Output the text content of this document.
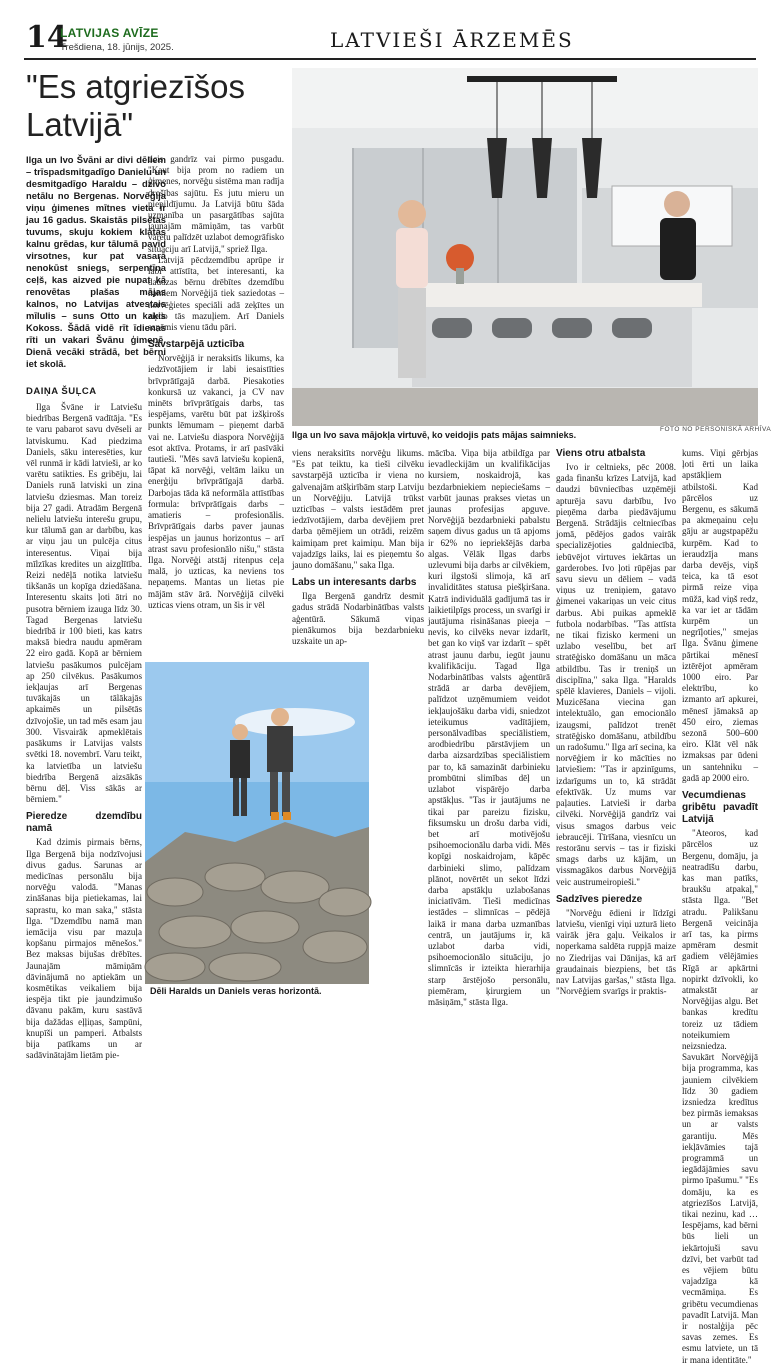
14
LATVIJAS AVĪZE
Trešdiena, 18. jūnijs, 2025.	LATVIEŠI ĀRZEMĒS
"Es atgriezīšos Latvijā"
Ilga un Ivo Švāni ar divi dēliem – trīspadsmitgadīgo Danielu un desmitgadīgo Haraldu – dzīvo netālu no Bergenas. Norvēģija viņu ģimenes mītnes vieta ir jau 16 gadus. Skaistās pilsētas tuvums, skuju kokiem klātās kalnu grēdas, kur tālumā pavīd virsotnes, kur pat vasarā nenokūst sniegs, serpentīna ceļš, kas aizved pie nupat kā renovētas plašas mājas kalnos, no Latvijas atvestais mīlulis – suns Otto un kaķis Kokoss. Šādā vidē rīt īdienas rīti un vakari Švānu ģimenē. Dienā vecāki strādā, bet bērni iet skolā.
DAIŅA ŠUĻCA

Ilga Švāne ir Latviešu biedrības Bergenā vadītāja. "Es te varu pabarot savu dvēseli ar latviskumu. Kad piedzima Daniels, sāku interesēties, kur vēl runmā ir kādi latvieši, ar ko varētu satikties. Es gribēju, lai Daniels runā latviski un zina latviešu dziesmas. Man toreiz bija 27 gadi. Atradām Bergenā nelielu latviešu interešu grupu, kur tālumā gan ar darbību, kas ar viņu jau un pulcēja citus interesentus. Viņai bija mīlzīkas kredites un aizglītība. Reizi nedēļā notika latviešu tikšanās un kopīga dziedāšana. Interesentu skaits ļoti ātri no pusotra bērniem izauga līdz 30. Tagad Bergenas latviešu biedrībā ir 100 bieti, kas katrs maksā biedra naudu apmēram 22 eiro gadā. Kopā ar bērniem latviešu pasākumos pulcējam ap 250 cilvēkus. Pasākumos iekļaujas arī Bergenas tuvākajās un tālākajās apkaimēs un pilsētās dzīvojošie, un tad mēs esam jau 300. Visvairāk apmeklētais pasākums ir Latvijas valsts svētki 18. novembrī. Varu teikt, ka latvietība un latviešu biedrība Bergenā aizsākās bērnu dēļ. Viss sākās ar bērniem."

Pieredze dzemdību namā

Kad dzimis pirmais bērns, Ilga Bergenā bija nodzīvojusi divus gadus. Sarunas ar medicīnas personālu bija norvēģu valodā. "Manas zināšanas bija pietiekamas, lai saprastu, ko man saka," stāsta Ilga. "Dzemdību namā man iemācija visu par mazuļa kopšanu pirmajos mēnešos." Bez maksas bijušas drēbītes. Jaunajām māmiņām dāvinājumā no aptiekām un kosmētikas veikaliem bija iespēja tikt pie jaundzimušo dāvanu pakām, kuru sastāvā bija dažādas eļļiņas, šampūni, knupīši un pamperi. Atbalsts bija patīkams un ar sadāvinātajām lietām pie-

ticis gandrīz vai pirmo pusgadu. "Kaut bija prom no radiem un ģimenes, norvēģu sistēma man radīja drošības sajūtu. Es jutu mieru un piepildījumu. Ja Latvijā būtu šāda uzmanība un pasargātības sajūta jaunajām māmiņām, tas varbūt varētu palīdzēt uzlabot demogrāfisko situāciju arī Latvijā," spriež Ilga.

Latvijā pēcdzemdību aprūpe ir labi attīstīta, bet interesanti, ka daudzas bērnu drēbītes dzemdību namiem Norvēģijā tiek saziedotas – norvēģietes speciāli adā zeķītes un ziedo tās mazuļiem. Arī Daniels saņēmis vienu tādu pāri.

Savstarpējā uzticība

Norvēģijā ir neraksitīs likums, ka iedzīvotājiem ir labi iesaistīties brīvprātīgajā darbā. Piesakoties konkursā uz vakanci, ja CV nav minēts brīvprātīgais darbs, tas iespējams, varētu būt pat izšķirošs punkts lēmumam – pieņemt darbā vai ne. Latviešu diaspora Norvēģijā esot aktīva. Protams, ir arī pasīvāki tautieši. "Mēs savā latviešu kopienā, tāpat kā norvēģi, veltām laiku un enerģiju brīvprātīgajā darbā. Darbojas tāda kā neformāla attīstības formula: brīvprātīgais darbs – amatieris – profesionālis. Brīvprātīgais darbs paver jaunas iespējas un jaunus horizontus – arī atrast savu profesionālo nišu," stāsta Ilga. Norvēģi atstāj ritenpus ceļa malā, jo uzticas, ka neviens tos nepaņems. Mantas un lietas pie mājām stāv ārā. Norvēģijā cilvēki uzticas viens otram, un šis ir vēl

Ilga un Ivo sava mājokļa virtuvē, ko veidojis pats mājas saimnieks.
FOTO NO PERSONISKĀ ARHĪVA

viens neraksitīts norvēģu likums. "Es pat teiktu, ka tieši cilvēku savstarpējā uzticība ir viena no galvenajām atšķirībām starp Latviju un Norvēģiju. Latvijā trūkst uzticības – valsts iestādēm pret iedzīvotājiem, darba devējiem pret darba ņēmējiem un otrādi, reizēm kaimiņam pret kaimiņu. Man bija vajadzīgs laiks, lai es pieņemtu šo jauno domāšanu," saka Ilga.

Labs un interesants darbs

Ilga Bergenā gandrīz desmit gadus strādā Nodarbinātības valsts aģentūrā. Sākumā viņas pienākumos bija bezdarbnieku uzskaite un ap-

Dēli Haralds un Daniels veras horizontā.

mācība. Viņa bija atbildīga par ievadleckijām un kvalifikācijas kursiem, noskaidrojā, kas bezdarbniekiem nepieciešams – varbūt jaunas prakses vietas un jaunas profesijas apguve. Norvēģijā bezdarbnieki pabalstu saņem divus gadus un tā apjoms ir 62% no iepriekšējās darba algas. Vēlāk Ilgas darbs uzlevumi bija darbs ar cilvēkiem, kuri ilgstoši slimoja, kā arī invaliditātes statusa piešķiršana. Katrā individuālā gadījumā tas ir laikietilpīgs process, un svarīgi ir jautājuma risināšanas pieeja – nevis, ko cilvēks nevar izdarīt, bet gan ko viņš var izdarīt – spēt atrast jaunu darbu, iegūt jaunu kvalifikāciju. Tagad Ilga Nodarbinātības valsts aģentūrā strādā ar darba devējiem, palīdzot uzņēmumiem veidot iekļaujošāku darba vidi, sniedzot ieteikumus vadītājiem, personālvadības speciālistiem, arodbiedrību pārstāvjiem un darba aizsardzības speciālistiem par to, kā samazināt darbinieku prombūtni slimības dēļ un uzlabot vispārējo darba apstākļus. "Tas ir jautājums ne tikai par pareizu fizisku, fiksumsku un drošu darba vidi, bet arī motivējošu psihoemocionālu darba vidi. Mēs kopīgi noskaidrojam, kāpēc darbinieki slimo, palīdzam plānot, novērtēt un sekot līdzi darba apstākļu uzlabošanas iniciatīvām. Tieši medicīnas iestādes – slimnīcas – pēdējā laikā ir mana darba uzmanības centrā, un jautājums ir, kā uzlabot darba vidi, psihoemocionālo situāciju, jo slimnīcās ir izteikta hierarhija starp ārstējošo personālu, piemēram, ķirurgiem un māsiņām," stāsta Ilga.

Viens otru atbalsta

Ivo ir celtnieks, pēc 2008. gada finanšu krīzes Latvijā, kad daudzi būvniecības uzņēmēji apturēja savu darbību, Ivo pieņēma darba piedāvājumu Bergenā. Strādājis celtniecības jomā, pēdējos gados vairāk specializējoties galdniecībā, iebūvējot virtuves iekārtas un garderobes. Ivo ļoti rūpējas par savu sievu un dēliem – vadā viņus uz treniņiem, gatavo ģimenei vakariņas un veic citus darbus. Abi puikas apmeklē futbola nodarbības. "Tas attīsta ne tikai fizisko kermeni un uzlabo veselību, bet arī stratēģisko domāšanu un māca atbildību. Tas ir treniņš un disciplīna," saka Ilga. "Haralds spēlē klavieres, Daniels – vijoli. Muzicēšana viecina gan intelektuālo, gan emocionālo izaugsmi, palīdzot trenēt stratēģisko domāšanu, atbildību un radošumu." Ilga arī secina, ka norvēģiem ir ko mācīties no latviešiem: "Tas ir apzinīgums, izdarīgums un to, kā strādāt efektīvāk. Uz mums var paļauties. Latvieši ir darba cilvēki. Norvēģijā gandrīz vai visus smagos darbus veic iebraucēji. Tīrīšana, viesnīcu un restorānu servis – tas ir fiziski smags darbs uz kājām, un vissmagākos darbus Norvēģijā veic austrumeiropieši."

Sadzīves pieredze

"Norvēģu ēdieni ir līdzīgi latviešu, vienīgi viņi uzturā lieto vairāk jēra gaļu. Veikalos ir noperkama saldēta ruppjā maize no Ziedrijas vai Dānijas, kā arī graudainais biezpiens, bet tās nav Latvijas garšas," stāsta Ilga. "Norvēģiem svarīgs ir praktis-

kums. Viņi gērbjas ļoti ērti un laika apstākļiem atbilstoši. Kad pārcēlos uz Bergenu, es sākumā pa akmeņainu ceļu gāju ar augstpapēžu kurpēm. Kad to ieraudzīja mans darba devējs, viņš teica, ka tā esot pirmā reize viņa mūžā, kad viņš redz, ka var iet ar tādām kurpēm un negrīļoties," smejas Ilga. Švānu ģimene pārtikai mēnesī iztērējot apmēram 1000 eiro. Par elektrību, ko izmanto arī apkurei, mēnesī jāmaksā ap 450 eiro, ziemas sezonā 500–600 eiro. Klāt vēl nāk izmaksas par ūdeni un santehniku – gadā ap 2000 eiro.

Vecumdienas gribētu pavadīt Latvijā

"Ateoros, kad pārcēlos uz Bergenu, domāju, ja neatradīšu darbu, kas man patīks, braukšu atpakaļ," stāsta Ilga. "Bet atradu. Palikšanu Bergenā veicināja arī tas, ka pirms apmēram desmit gadiem vēlējāmies Rīgā ar apkārtni nopirkt dzīvokli, ko atmakstāt ar Norvēģijas algu. Bet bankas kredītu toreiz uz tādiem noteikumiem neizsniedza. Savukārt Norvēģijā bija programma, kas jauniem cilvēkiem līdz 30 gadiem izsniedza kredītus bez pirmās iemaksas un ar valsts garantiju. Mēs iekļāvāmies tajā programmā un iegādājāmies savu pirmo īpašumu." "Es domāju, ka es atgriezīšos Latvijā, tikai nezinu, kad … Iespējams, kad bērni būs lieli un iekārtojuši savu dzīvi, bet varbūt tad es vējiem būtu vajadzīga kā vecmāmiņa. Es gribētu vecumdienas pavadīt Latvijā. Man ir nostalģija pēc savas zemes. Es esmu latviete, un tā ir mana identitāte."
